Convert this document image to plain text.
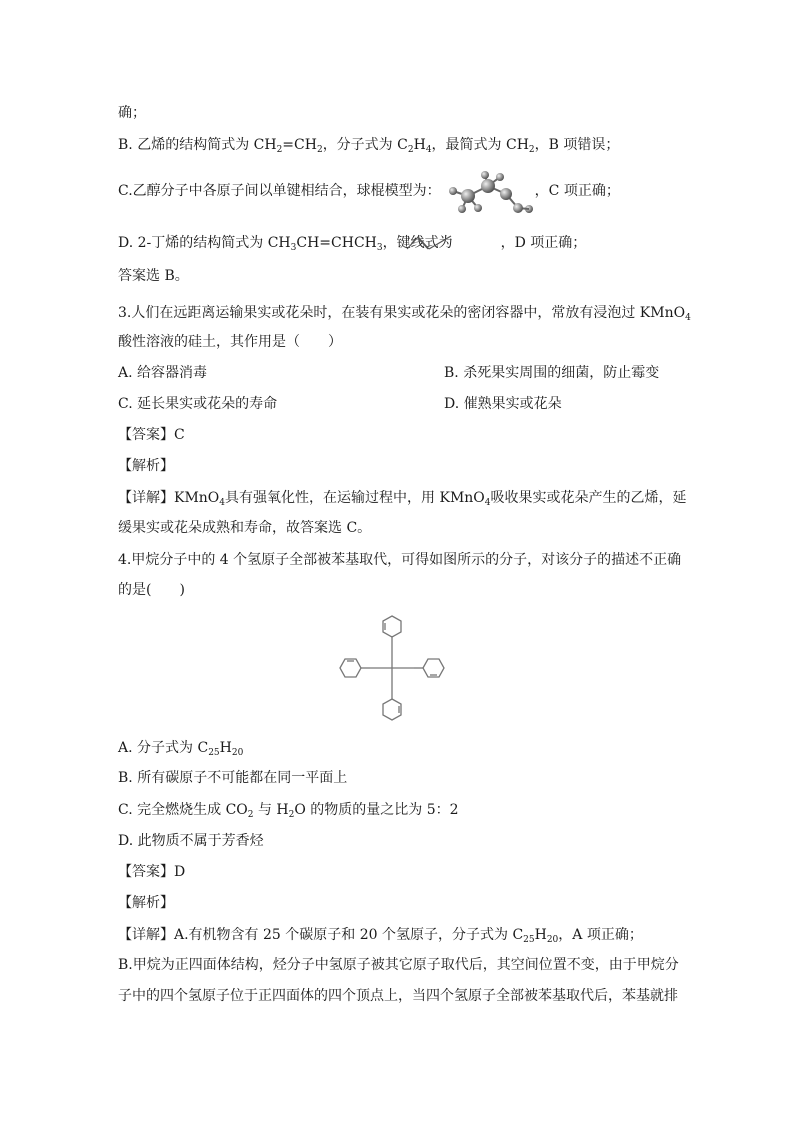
确；
B. 乙烯的结构简式为 $CH_2=CH_2$，分子式为 $C_2H_4$，最简式为 $CH_2$，B 项错误；
C.乙醇分子中各原子间以单键相结合，球棍模型为：	，C 项正确；
D. 2-丁烯的结构简式为 $CH_3CH=CHCH_3$，键线式为	，D 项正确；
答案选 B。
3.人们在远距离运输果实或花朵时，在装有果实或花朵的密闭容器中，常放有浸泡过 KMnO$_4$
酸性溶液的硅土，其作用是（　　）
A. 给容器消毒	B. 杀死果实周围的细菌，防止霉变
C. 延长果实或花朵的寿命	D. 催熟果实或花朵
【答案】C
【解析】
【详解】KMnO$_4$具有强氧化性，在运输过程中，用 KMnO$_4$吸收果实或花朵产生的乙烯，延
缓果实或花朵成熟和寿命，故答案选 C。
4.甲烷分子中的 4 个氢原子全部被苯基取代，可得如图所示的分子，对该分子的描述不正确
的是(　　)
A. 分子式为 $C_{25}H_{20}$
B. 所有碳原子不可能都在同一平面上
C. 完全燃烧生成 $CO_2$ 与 $H_2O$ 的物质的量之比为 5：2
D. 此物质不属于芳香烃
【答案】D
【解析】
【详解】A.有机物含有 25 个碳原子和 20 个氢原子，分子式为 $C_{25}H_{20}$，A 项正确；
B.甲烷为正四面体结构，烃分子中氢原子被其它原子取代后，其空间位置不变，由于甲烷分
子中的四个氢原子位于正四面体的四个顶点上，当四个氢原子全部被苯基取代后，苯基就排
